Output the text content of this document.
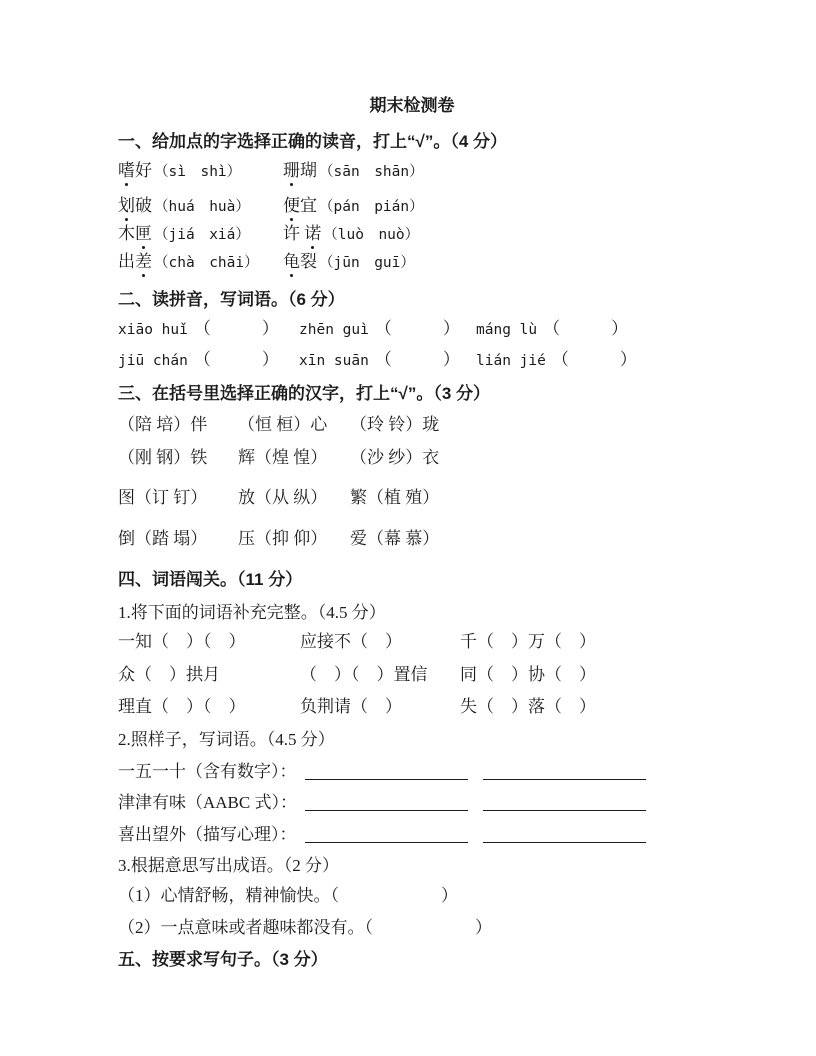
期末检测卷
一、给加点的字选择正确的读音，打上“√”。（4 分）
嗜好 （sì　shì）	珊瑚 （sān　shān）
划破 （huá　huà）	便宜 （pán　pián）
木匣 （jiá　xiá）	许 诺 （luò　nuò）
出差 （chà　chāi）	龟裂 （jūn　guī）
二、读拼音，写词语。（6 分）
xiāo huǐ （　　　）	zhēn guì （　　　）	máng lù （　　　）
jiū chán （　　　）	xīn suān （　　　）	lián jié （　　　）
三、在括号里选择正确的汉字，打上“√”。（3 分）
（陪 培）伴	（恒 桓）心	（玲 铃）珑
（刚 钢）铁	辉（煌 惶）	（沙 纱）衣
图（订 钉）	放（从 纵）	繁（植 殖）
倒（踏 塌）	压（抑 仰）	爱（幕 慕）
四、词语闯关。（11 分）
1.将下面的词语补充完整。（4.5 分）
一知（　）（　）	应接不（　）	千（　）万（　）
众（　）拱月	（　）（　）置信	同（　）协（　）
理直（　）（　）	负荆请（　）	失（　）落（　）
2.照样子，写词语。（4.5 分）
一五一十（含有数字）：
津津有味（AABC 式）：
喜出望外（描写心理）：
3.根据意思写出成语。（2 分）
（1）心情舒畅，精神愉快。（　　　　　　）
（2）一点意味或者趣味都没有。（　　　　　　）
五、按要求写句子。（3 分）
